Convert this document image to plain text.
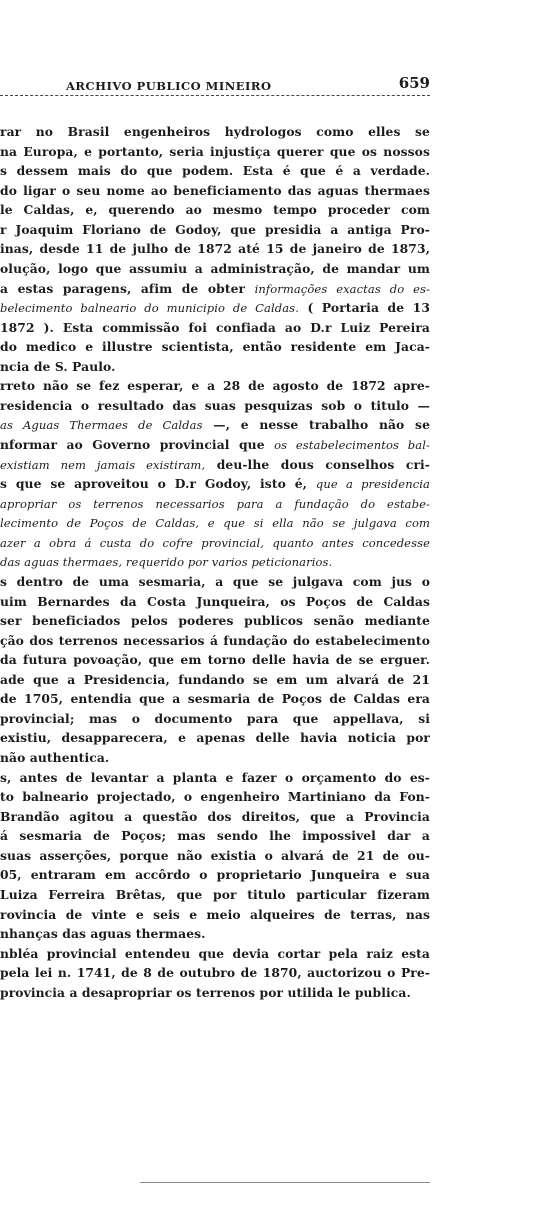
ARCHIVO PUBLICO MINEIRO	659
rar no Brasil engenheiros hydrologos como elles se
na Europa, e portanto, seria injustiça querer que os nossos
s dessem mais do que podem. Esta é que é a verdade.
do ligar o seu nome ao beneficiamento das aguas thermaes
le Caldas, e, querendo ao mesmo tempo proceder com
r Joaquim Floriano de Godoy, que presidia a antiga Pro-
inas, desde 11 de julho de 1872 até 15 de janeiro de 1873,
olução, logo que assumiu a administração, de mandar um
a estas paragens, afim de obter informações exactas do es-
belecimento balneario do municipio de Caldas. ( Portaria de 13
1872 ). Esta commissão foi confiada ao D.r Luiz Pereira
do medico e illustre scientista, então residente em Jaca-
ncia de S. Paulo.
rreto não se fez esperar, e a 28 de agosto de 1872 apre-
residencia o resultado das suas pesquizas sob o titulo —
as Aguas Thermaes de Caldas —, e nesse trabalho não se
nformar ao Governo provincial que os estabelecimentos bal-
existiam nem jamais existiram, deu-lhe dous conselhos cri-
s que se aproveitou o D.r Godoy, isto é, que a presidencia
apropriar os terrenos necessarios para a fundação do estabe-
lecimento de Poços de Caldas, e que si ella não se julgava com
azer a obra á custa do cofre provincial, quanto antes concedesse
das aguas thermaes, requerido por varios peticionarios.
s dentro de uma sesmaria, a que se julgava com jus o
uim Bernardes da Costa Junqueira, os Poços de Caldas
ser beneficiados pelos poderes publicos senão mediante
ção dos terrenos necessarios á fundação do estabelecimento
da futura povoação, que em torno delle havia de se erguer.
ade que a Presidencia, fundando se em um alvará de 21
de 1705, entendia que a sesmaria de Poços de Caldas era
provincial; mas o documento para que appellava, si
existiu, desapparecera, e apenas delle havia noticia por
não authentica.
s, antes de levantar a planta e fazer o orçamento do es-
to balneario projectado, o engenheiro Martiniano da Fon-
Brandão agitou a questão dos direitos, que a Provincia
á sesmaria de Poços; mas sendo lhe impossivel dar a
suas asserções, porque não existia o alvará de 21 de ou-
05, entraram em accôrdo o proprietario Junqueira e sua
Luiza Ferreira Brêtas, que por titulo particular fizeram
rovincia de vinte e seis e meio alqueires de terras, nas
nhanças das aguas thermaes.
nbléa provincial entendeu que devia cortar pela raiz esta
pela lei n. 1741, de 8 de outubro de 1870, auctorizou o Pre-
provincia a desapropriar os terrenos por utilida le publica.
